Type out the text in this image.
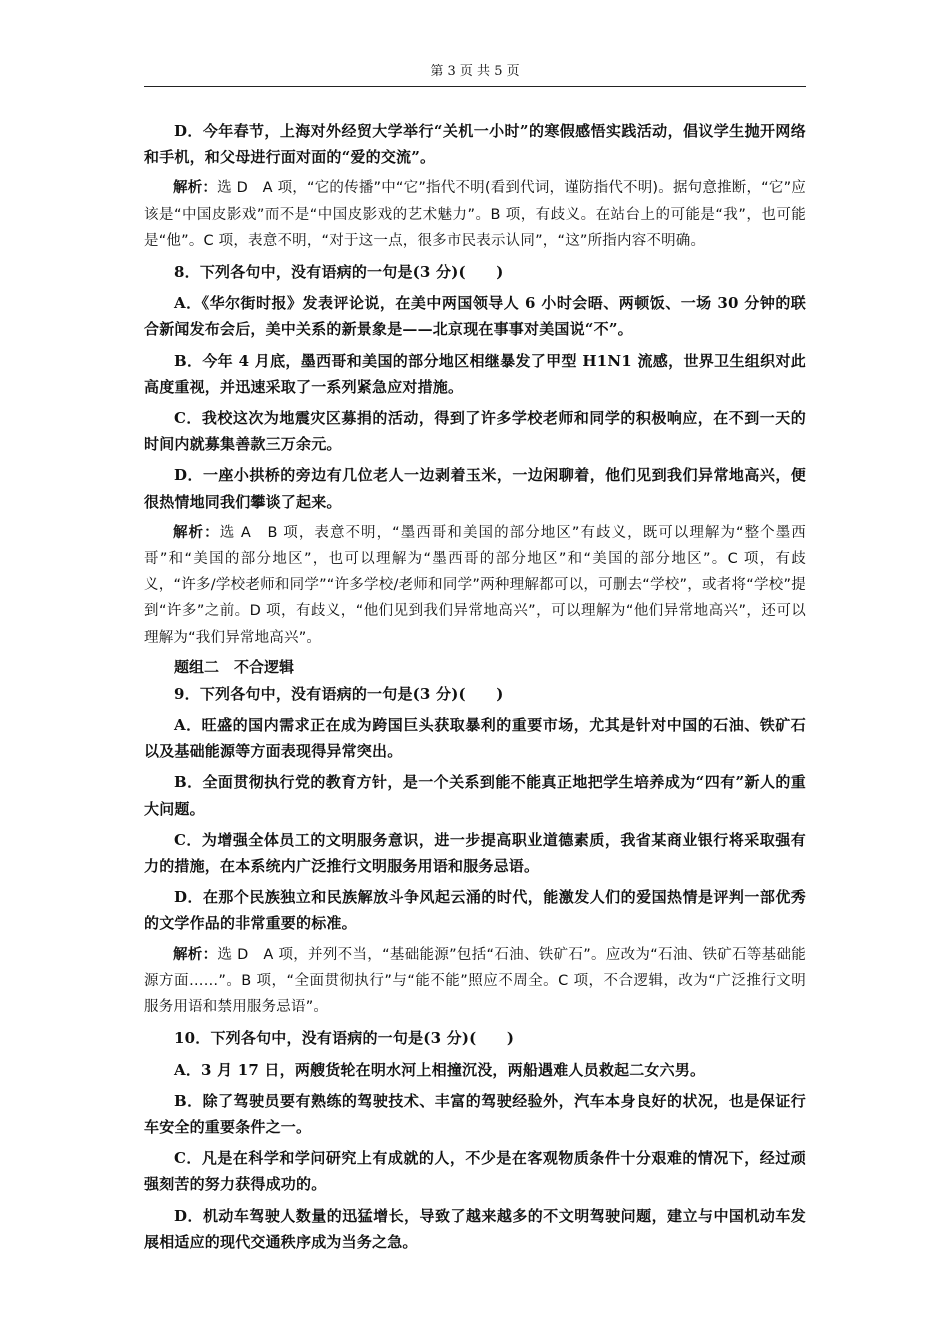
第 3 页 共 5 页

D．今年春节，上海对外经贸大学举行“关机一小时”的寒假感悟实践活动，倡议学生抛开网络和手机，和父母进行面对面的“爱的交流”。

解析：选 D　A 项，“它的传播”中“它”指代不明(看到代词，谨防指代不明)。据句意推断，“它”应该是“中国皮影戏”而不是“中国皮影戏的艺术魅力”。B 项，有歧义。在站台上的可能是“我”，也可能是“他”。C 项，表意不明，“对于这一点，很多市民表示认同”，“这”所指内容不明确。

8．下列各句中，没有语病的一句是(3 分)(　　)

A．《华尔街时报》发表评论说，在美中两国领导人 6 小时会晤、两顿饭、一场 30 分钟的联合新闻发布会后，美中关系的新景象是——北京现在事事对美国说“不”。

B．今年 4 月底，墨西哥和美国的部分地区相继暴发了甲型 H1N1 流感，世界卫生组织对此高度重视，并迅速采取了一系列紧急应对措施。

C．我校这次为地震灾区募捐的活动，得到了许多学校老师和同学的积极响应，在不到一天的时间内就募集善款三万余元。

D．一座小拱桥的旁边有几位老人一边剥着玉米，一边闲聊着，他们见到我们异常地高兴，便很热情地同我们攀谈了起来。

解析：选 A　B 项，表意不明，“墨西哥和美国的部分地区”有歧义，既可以理解为“整个墨西哥”和“美国的部分地区”，也可以理解为“墨西哥的部分地区”和“美国的部分地区”。C 项，有歧义，“许多/学校老师和同学”“许多学校/老师和同学”两种理解都可以，可删去“学校”，或者将“学校”提到“许多”之前。D 项，有歧义，“他们见到我们异常地高兴”，可以理解为“他们异常地高兴”，还可以理解为“我们异常地高兴”。

题组二　不合逻辑

9．下列各句中，没有语病的一句是(3 分)(　　)

A．旺盛的国内需求正在成为跨国巨头获取暴利的重要市场，尤其是针对中国的石油、铁矿石以及基础能源等方面表现得异常突出。

B．全面贯彻执行党的教育方针，是一个关系到能不能真正地把学生培养成为“四有”新人的重大问题。

C．为增强全体员工的文明服务意识，进一步提高职业道德素质，我省某商业银行将采取强有力的措施，在本系统内广泛推行文明服务用语和服务忌语。

D．在那个民族独立和民族解放斗争风起云涌的时代，能激发人们的爱国热情是评判一部优秀的文学作品的非常重要的标准。

解析：选 D　A 项，并列不当，“基础能源”包括“石油、铁矿石”。应改为“石油、铁矿石等基础能源方面……”。B 项，“全面贯彻执行”与“能不能”照应不周全。C 项，不合逻辑，改为“广泛推行文明服务用语和禁用服务忌语”。

10．下列各句中，没有语病的一句是(3 分)(　　)

A．3 月 17 日，两艘货轮在明水河上相撞沉没，两船遇难人员救起二女六男。

B．除了驾驶员要有熟练的驾驶技术、丰富的驾驶经验外，汽车本身良好的状况，也是保证行车安全的重要条件之一。

C．凡是在科学和学问研究上有成就的人，不少是在客观物质条件十分艰难的情况下，经过顽强刻苦的努力获得成功的。

D．机动车驾驶人数量的迅猛增长，导致了越来越多的不文明驾驶问题，建立与中国机动车发展相适应的现代交通秩序成为当务之急。
